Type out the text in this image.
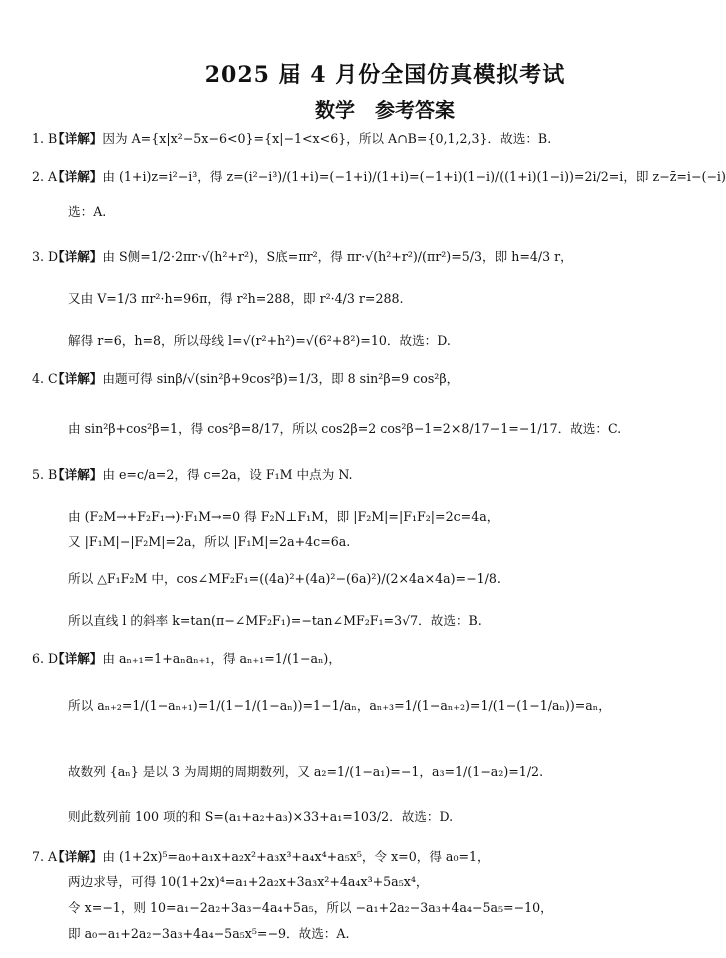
2025 届 4 月份全国仿真模拟考试
数学　参考答案
1. B【详解】因为 A={x|x²−5x−6<0}={x|−1<x<6}，所以 A∩B={0,1,2,3}．故选：B.
2. A【详解】由 (1+i)z=i²−i³，得 z=(i²−i³)/(1+i)=(−1+i)/(1+i)=(−1+i)(1−i)/((1+i)(1−i))=2i/2=i，即 z−z̄=i−(−i)
选：A.
3. D【详解】由 S侧=1/2·2πr·√(h²+r²)，S底=πr²，得 πr·√(h²+r²)/(πr²)=5/3，即 h=4/3 r，
又由 V=1/3 πr²·h=96π，得 r²h=288，即 r²·4/3 r=288.
解得 r=6，h=8，所以母线 l=√(r²+h²)=√(6²+8²)=10．故选：D.
4. C【详解】由题可得 sinβ/√(sin²β+9cos²β)=1/3，即 8 sin²β=9 cos²β，
由 sin²β+cos²β=1，得 cos²β=8/17，所以 cos2β=2 cos²β−1=2×8/17−1=−1/17．故选：C.
5. B【详解】由 e=c/a=2，得 c=2a，设 F₁M 中点为 N.
由 (F₂M→+F₂F₁→)·F₁M→=0 得 F₂N⊥F₁M，即 |F₂M|=|F₁F₂|=2c=4a，
又 |F₁M|−|F₂M|=2a，所以 |F₁M|=2a+4c=6a.
所以 △F₁F₂M 中，cos∠MF₂F₁=((4a)²+(4a)²−(6a)²)/(2×4a×4a)=−1/8.
所以直线 l 的斜率 k=tan(π−∠MF₂F₁)=−tan∠MF₂F₁=3√7．故选：B.
6. D【详解】由 aₙ₊₁=1+aₙaₙ₊₁，得 aₙ₊₁=1/(1−aₙ)，
所以 aₙ₊₂=1/(1−aₙ₊₁)=1/(1−1/(1−aₙ))=1−1/aₙ，aₙ₊₃=1/(1−aₙ₊₂)=1/(1−(1−1/aₙ))=aₙ，
故数列 {aₙ} 是以 3 为周期的周期数列，又 a₂=1/(1−a₁)=−1，a₃=1/(1−a₂)=1/2.
则此数列前 100 项的和 S=(a₁+a₂+a₃)×33+a₁=103/2．故选：D.
7. A【详解】由 (1+2x)⁵=a₀+a₁x+a₂x²+a₃x³+a₄x⁴+a₅x⁵，令 x=0，得 a₀=1，
两边求导，可得 10(1+2x)⁴=a₁+2a₂x+3a₃x²+4a₄x³+5a₅x⁴，
令 x=−1，则 10=a₁−2a₂+3a₃−4a₄+5a₅，所以 −a₁+2a₂−3a₃+4a₄−5a₅=−10，
即 a₀−a₁+2a₂−3a₃+4a₄−5a₅x⁵=−9．故选：A.
